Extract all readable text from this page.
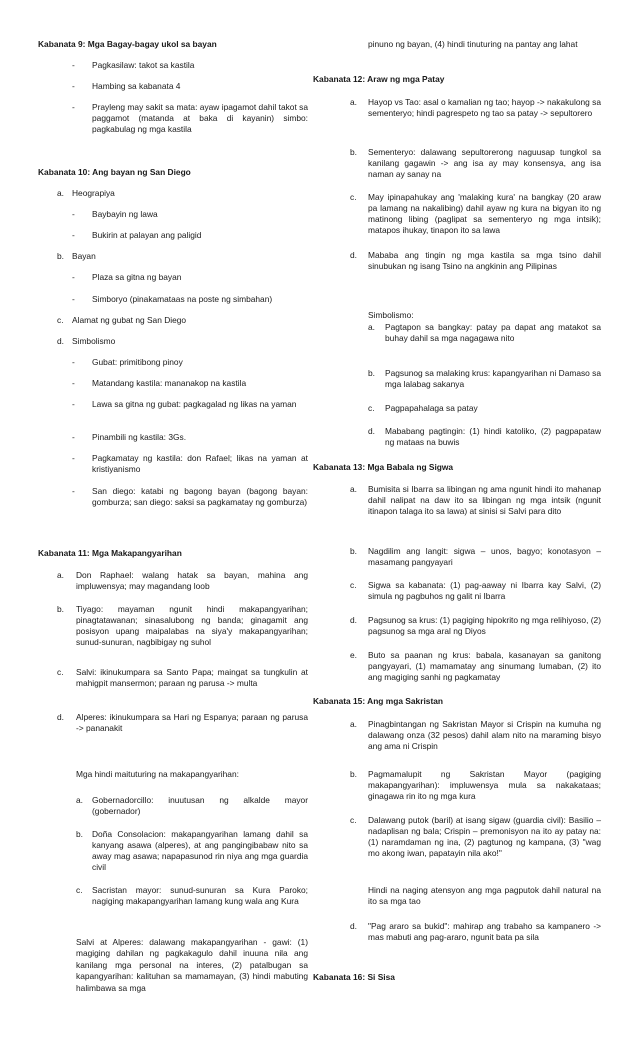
Kabanata 9: Mga Bagay-bagay ukol sa bayan
- Pagkasilaw: takot sa kastila
- Hambing sa kabanata 4
- Prayleng may sakit sa mata: ayaw ipagamot dahil takot sa paggamot (matanda at baka di kayanin) simbo: pagkabulag ng mga kastila
Kabanata 10: Ang bayan ng San Diego
a. Heograpiya
- Baybayin ng lawa
- Bukirin at palayan ang paligid
b. Bayan
- Plaza sa gitna ng bayan
- Simboryo (pinakamataas na poste ng simbahan)
c. Alamat ng gubat ng San Diego
d. Simbolismo
- Gubat: primitibong pinoy
- Matandang kastila: mananakop na kastila
- Lawa sa gitna ng gubat: pagkagalad ng likas na yaman
- Pinambili ng kastila: 3Gs.
- Pagkamatay ng kastila: don Rafael; likas na yaman at kristiyanismo
- San diego: katabi ng bagong bayan (bagong bayan: gomburza; san diego: saksi sa pagkamatay ng gomburza)
Kabanata 11: Mga Makapangyarihan
a. Don Raphael: walang hatak sa bayan, mahina ang impluwensya; may magandang loob
b. Tiyago: mayaman ngunit hindi makapangyarihan; pinagtatawanan; sinasalubong ng banda; ginagamit ang posisyon upang maipalabas na siya'y makapangyarihan; sunud-sunuran, nagbibigay ng suhol
c. Salvi: ikinukumpara sa Santo Papa; maingat sa tungkulin at mahigpit mansermon; paraan ng parusa -> multa
d. Alperes: ikinukumpara sa Hari ng Espanya; paraan ng parusa -> pananakit
Mga hindi maituturing na makapangyarihan:
a. Gobernadorcillo: inuutusan ng alkalde mayor (gobernador)
b. Doña Consolacion: makapangyarihan lamang dahil sa kanyang asawa (alperes), at ang pangingibabaw nito sa away mag asawa; napapasunod rin niya ang mga guardia civil
c. Sacristan mayor: sunud-sunuran sa Kura Paroko; nagiging makapangyarihan lamang kung wala ang Kura
Salvi at Alperes: dalawang makapangyarihan - gawi: (1) magiging dahilan ng pagkakagulo dahil inuuna nila ang kanilang mga personal na interes, (2) patalbugan sa kapangyarihan: kalituhan sa mamamayan, (3) hindi mabuting halimbawa sa mga
pinuno ng bayan, (4) hindi tinuturing na pantay ang lahat
Kabanata 12: Araw ng mga Patay
a. Hayop vs Tao: asal o kamalian ng tao; hayop -> nakakulong sa sementeryo; hindi pagrespeto ng tao sa patay -> sepultorero
b. Sementeryo: dalawang sepultorerong naguusap tungkol sa kanilang gagawin -> ang isa ay may konsensya, ang isa naman ay sanay na
c. May ipinapahukay ang 'malaking kura' na bangkay (20 araw pa lamang na nakalibing) dahil ayaw ng kura na bigyan ito ng matinong libing (paglipat sa sementeryo ng mga intsik); matapos ihukay, tinapon ito sa lawa
d. Mababa ang tingin ng mga kastila sa mga tsino dahil sinubukan ng isang Tsino na angkinin ang Pilipinas
Simbolismo:
a. Pagtapon sa bangkay: patay pa dapat ang matakot sa buhay dahil sa mga nagagawa nito
b. Pagsunog sa malaking krus: kapangyarihan ni Damaso sa mga lalabag sakanya
c. Pagpapahalaga sa patay
d. Mababang pagtingin: (1) hindi katoliko, (2) pagpapataw ng mataas na buwis
Kabanata 13: Mga Babala ng Sigwa
a. Bumisita si Ibarra sa libingan ng ama ngunit hindi ito mahanap dahil nalipat na daw ito sa libingan ng mga intsik (ngunit itinapon talaga ito sa lawa) at sinisi si Salvi para dito
b. Nagdilim ang langit: sigwa – unos, bagyo; konotasyon – masamang pangyayari
c. Sigwa sa kabanata: (1) pag-aaway ni Ibarra kay Salvi, (2) simula ng pagbuhos ng galit ni Ibarra
d. Pagsunog sa krus: (1) pagiging hipokrito ng mga relihiyoso, (2) pagsunog sa mga aral ng Diyos
e. Buto sa paanan ng krus: babala, kasanayan sa ganitong pangyayari, (1) mamamatay ang sinumang lumaban, (2) ito ang magiging sanhi ng pagkamatay
Kabanata 15: Ang mga Sakristan
a. Pinagbintangan ng Sakristan Mayor si Crispin na kumuha ng dalawang onza (32 pesos) dahil alam nito na maraming bisyo ang ama ni Crispin
b. Pagmamalupit ng Sakristan Mayor (pagiging makapangyarihan): impluwensya mula sa nakakataas; ginagawa rin ito ng mga kura
c. Dalawang putok (baril) at isang sigaw (guardia civil): Basilio – nadaplisan ng bala; Crispin – premonisyon na ito ay patay na: (1) naramdaman ng ina, (2) pagtunog ng kampana, (3) "wag mo akong iwan, papatayin nila ako!"
Hindi na naging atensyon ang mga pagputok dahil natural na ito sa mga tao
d. "Pag araro sa bukid": mahirap ang trabaho sa kampanero -> mas mabuti ang pag-araro, ngunit bata pa sila
Kabanata 16: Si Sisa
